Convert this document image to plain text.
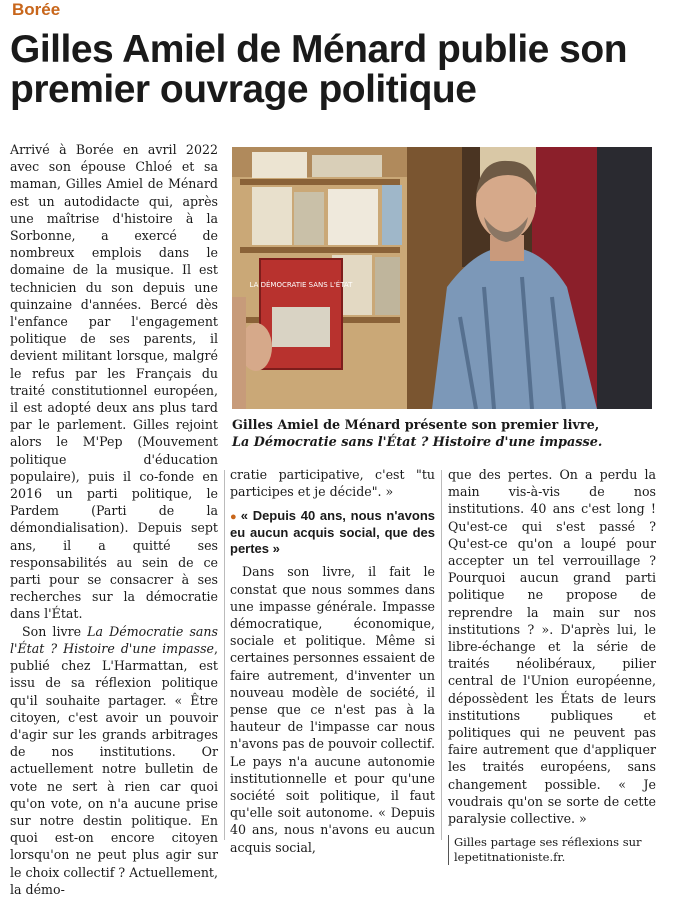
Borée
Gilles Amiel de Ménard publie son premier ouvrage politique

Arrivé à Borée en avril 2022 avec son épouse Chloé et sa maman, Gilles Amiel de Ménard est un autodidacte qui, après une maîtrise d'histoire à la Sorbonne, a exercé de nombreux emplois dans le domaine de la musique. Il est technicien du son depuis une quinzaine d'années. Bercé dès l'enfance par l'engagement politique de ses parents, il devient militant lorsque, malgré le refus par les Français du traité constitutionnel européen, il est adopté deux ans plus tard par le parlement. Gilles rejoint alors le M'Pep (Mouvement politique d'éducation populaire), puis il co-fonde en 2016 un parti politique, le Pardem (Parti de la démondialisation). Depuis sept ans, il a quitté ses responsabilités au sein de ce parti pour se consacrer à ses recherches sur la démocratie dans l'État.

Son livre La Démocratie sans l'État ? Histoire d'une impasse, publié chez L'Harmattan, est issu de sa réflexion politique qu'il souhaite partager. « Être citoyen, c'est avoir un pouvoir d'agir sur les grands arbitrages de nos institutions. Or actuellement notre bulletin de vote ne sert à rien car quoi qu'on vote, on n'a aucune prise sur notre destin politique. En quoi est-on encore citoyen lorsqu'on ne peut plus agir sur le choix collectif ? Actuellement, la démo-

LA DÉMOCRATIE SANS L'ÉTAT
Gilles Amiel de Ménard présente son premier livre,
La Démocratie sans l'État ? Histoire d'une impasse.

cratie participative, c'est "tu participes et je décide". »

● « Depuis 40 ans, nous n'avons eu aucun acquis social, que des pertes »

Dans son livre, il fait le constat que nous sommes dans une impasse générale. Impasse démocratique, économique, sociale et politique. Même si certaines personnes essaient de faire autrement, d'inventer un nouveau modèle de société, il pense que ce n'est pas à la hauteur de l'impasse car nous n'avons pas de pouvoir collectif. Le pays n'a aucune autonomie institutionnelle et pour qu'une société soit politique, il faut qu'elle soit autonome. « Depuis 40 ans, nous n'avons eu aucun acquis social,

que des pertes. On a perdu la main vis-à-vis de nos institutions. 40 ans c'est long ! Qu'est-ce qui s'est passé ? Qu'est-ce qu'on a loupé pour accepter un tel verrouillage ? Pourquoi aucun grand parti politique ne propose de reprendre la main sur nos institutions ? ». D'après lui, le libre-échange et la série de traités néolibéraux, pilier central de l'Union européenne, dépossèdent les États de leurs institutions publiques et politiques qui ne peuvent pas faire autrement que d'appliquer les traités européens, sans changement possible. « Je voudrais qu'on se sorte de cette paralysie collective. »

Gilles partage ses réflexions sur lepetitnationiste.fr.
